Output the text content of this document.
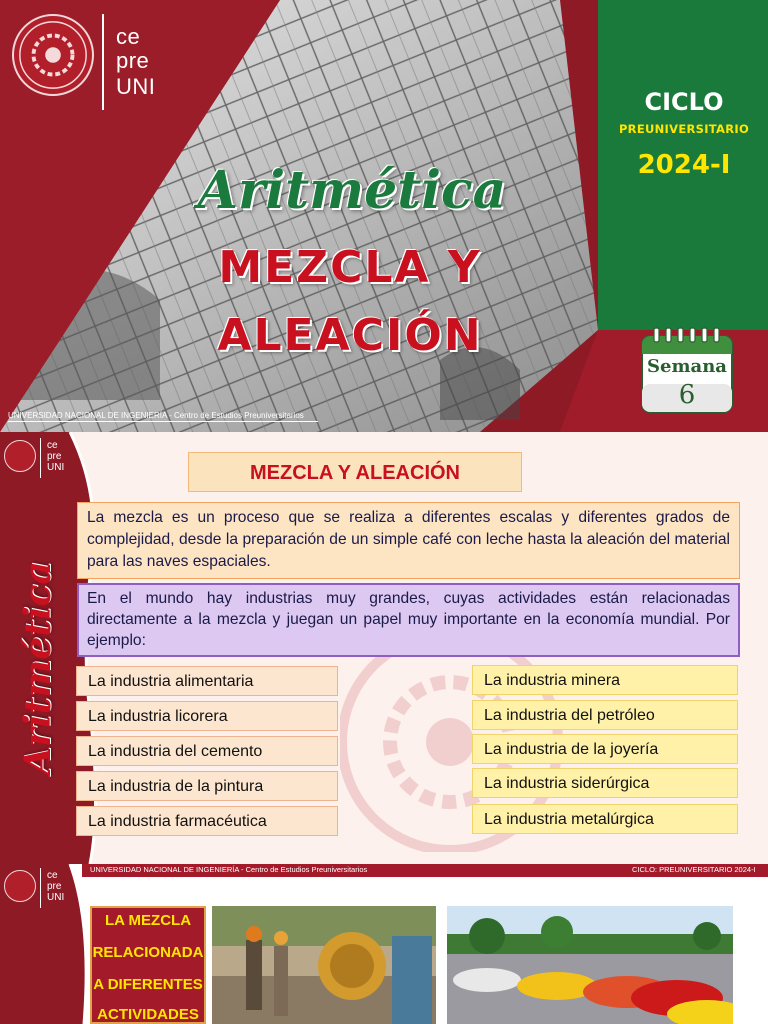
ce
pre
UNI
CICLO
PREUNIVERSITARIO
2024-I
Aritmética
MEZCLA Y
ALEACIÓN
Semana
6
UNIVERSIDAD NACIONAL DE INGENIERÍA - Centro de Estudios Preuniversitarios
ce
pre
UNI
Aritmética
MEZCLA Y ALEACIÓN
La mezcla es un proceso que se realiza a diferentes escalas y diferentes grados de complejidad, desde la preparación de un simple café con leche hasta la aleación del material para las naves espaciales.
En el mundo hay industrias muy grandes, cuyas actividades están relacionadas directamente a la mezcla y juegan un papel muy importante en la economía mundial. Por ejemplo:
La industria alimentaria
La industria licorera
La industria del cemento
La industria de la pintura
La industria farmacéutica
La industria minera
La industria del petróleo
La industria de la joyería
La industria siderúrgica
La industria metalúrgica
UNIVERSIDAD NACIONAL DE INGENIERÍA - Centro de Estudios Preuniversitarios	CICLO: PREUNIVERSITARIO 2024-I
ce
pre
UNI
LA MEZCLA
RELACIONADA
A DIFERENTES
ACTIVIDADES
